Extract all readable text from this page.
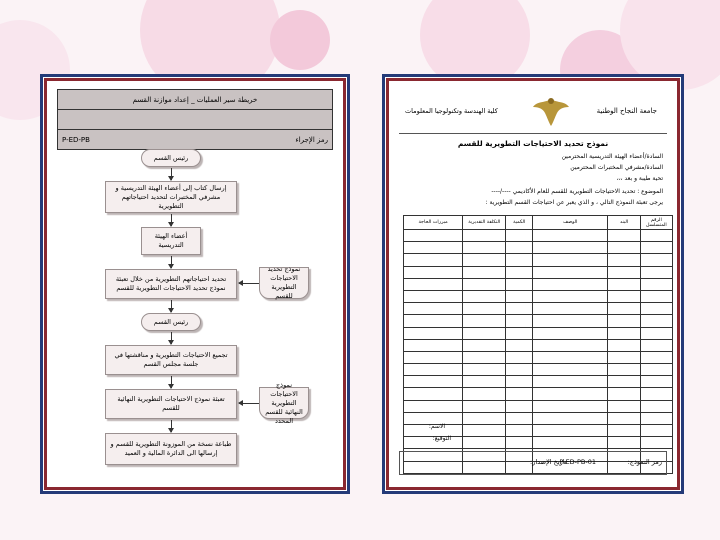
خريطة سير العمليات _ إعداد موازنة القسم
رمز الإجراء
P-ED-PB
رئيس القسم
إرسال كتاب إلى أعضاء الهيئة التدريسية و مشرفي المختبرات لتحديد احتياجاتهم التطويرية
أعضاء الهيئة التدريسية
تحديد احتياجاتهم التطويرية من خلال تعبئة نموذج تحديد الاحتياجات التطويرية للقسم
نموذج تحديد الاحتياجات التطويرية للقسم
رئيس القسم
تجميع الاحتياجات التطويرية و مناقشتها في جلسة مجلس القسم
تعبئة نموذج الاحتياجات التطويرية النهائية للقسم
نموذج الاحتياجات التطويرية النهائية للقسم المحدد
طباعة نسخة من الموزونة التطويرية للقسم و إرسالها الى الدائرة المالية و العميد
جامعة النجاح الوطنية
كلية الهندسة وتكنولوجيا المعلومات
نموذج تحديد الاحتياجات التطويرية للقسم
السادة/أعضاء الهيئة التدريسية المحترمين
السادة/مشرفي المختبرات المحترمين
تحية طيبة و بعد ،،،
الموضوع : تحديد الاحتياجات التطويرية للقسم للعام الأكاديمي ----/----
يرجى تعبئة النموذج التالي ، و الذي يعبر عن احتياجات القسم التطويرية :
الرقم المتسلسل	البند	الوصف	الكمية	التكلفة التقديرية	مبررات الحاجة

الاسم:
التوقيع:
رمز النموذج:
P-ED-PB-01
تاريخ الإصدار:
